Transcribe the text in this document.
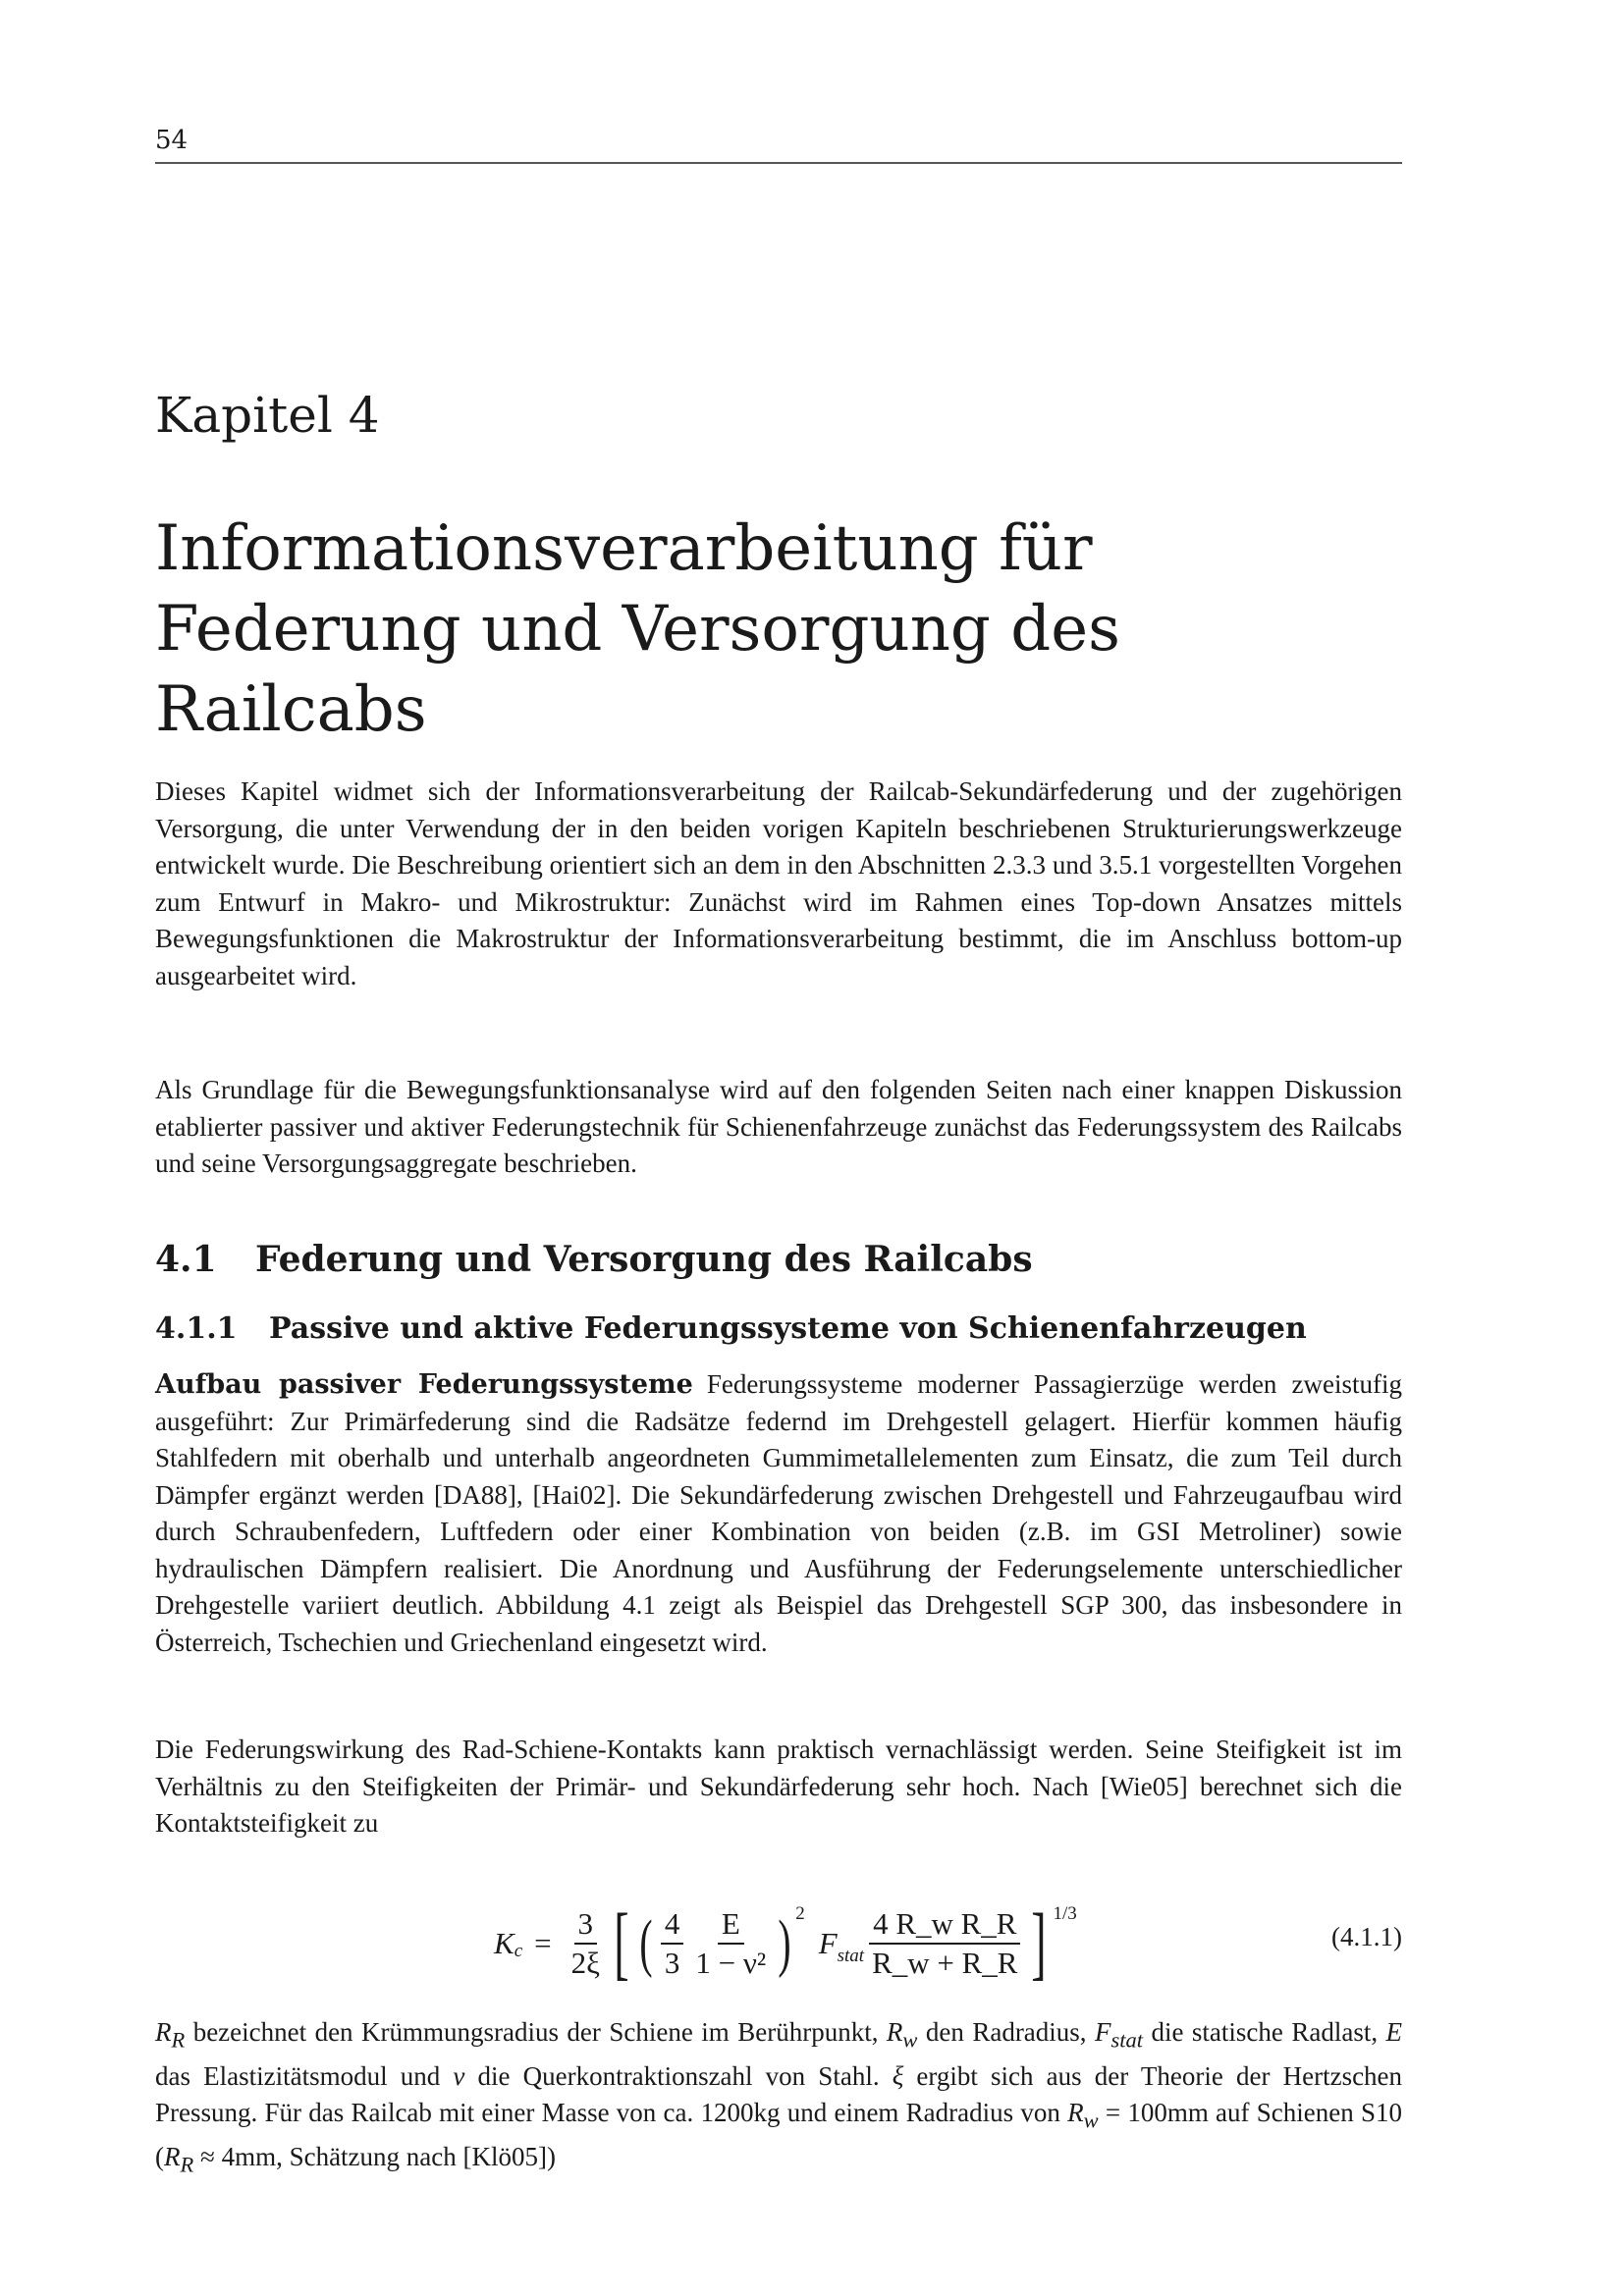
54
Kapitel 4
Informationsverarbeitung für Federung und Versorgung des Railcabs

Dieses Kapitel widmet sich der Informationsverarbeitung der Railcab-Sekundärfederung und der zugehörigen Versorgung, die unter Verwendung der in den beiden vorigen Kapiteln beschriebenen Strukturierungswerkzeuge entwickelt wurde. Die Beschreibung orientiert sich an dem in den Abschnitten 2.3.3 und 3.5.1 vorgestellten Vorgehen zum Entwurf in Makro- und Mikrostruktur: Zunächst wird im Rahmen eines Top-down Ansatzes mittels Bewegungsfunktionen die Makrostruktur der Informationsverarbeitung bestimmt, die im Anschluss bottom-up ausgearbeitet wird.

Als Grundlage für die Bewegungsfunktionsanalyse wird auf den folgenden Seiten nach einer knappen Diskussion etablierter passiver und aktiver Federungstechnik für Schienenfahrzeuge zunächst das Federungssystem des Railcabs und seine Versorgungsaggregate beschrieben.

4.1 Federung und Versorgung des Railcabs
4.1.1 Passive und aktive Federungssysteme von Schienenfahrzeugen

Aufbau passiver Federungssysteme Federungssysteme moderner Passagierzüge werden zweistufig ausgeführt: Zur Primärfederung sind die Radsätze federnd im Drehgestell gelagert. Hierfür kommen häufig Stahlfedern mit oberhalb und unterhalb angeordneten Gummimetallelementen zum Einsatz, die zum Teil durch Dämpfer ergänzt werden [DA88], [Hai02]. Die Sekundärfederung zwischen Drehgestell und Fahrzeugaufbau wird durch Schraubenfedern, Luftfedern oder einer Kombination von beiden (z.B. im GSI Metroliner) sowie hydraulischen Dämpfern realisiert. Die Anordnung und Ausführung der Federungselemente unterschiedlicher Drehgestelle variiert deutlich. Abbildung 4.1 zeigt als Beispiel das Drehgestell SGP 300, das insbesondere in Österreich, Tschechien und Griechenland eingesetzt wird.

Die Federungswirkung des Rad-Schiene-Kontakts kann praktisch vernachlässigt werden. Seine Steifigkeit ist im Verhältnis zu den Steifigkeiten der Primär- und Sekundärfederung sehr hoch. Nach [Wie05] berechnet sich die Kontaktsteifigkeit zu

K $c = \frac{3}{2\xi}$ [ ( $\frac{4}{3} \frac{E}{\text{1 − ν²}}$ ) 2
$F_{stat} \frac{\text{4 R\_w R\_R}}{R\_w + R\_R}$ ] 1/3
(4.1.1)

$R_R$ bezeichnet den Krümmungsradius der Schiene im Berührpunkt, $R_w$ den Radradius, $F_{stat}$ die statische Radlast, E das Elastizitätsmodul und ν die Querkontraktionszahl von Stahl. ξ ergibt sich aus der Theorie der Hertzschen Pressung. Für das Railcab mit einer Masse von ca. 1200kg und einem Radradius von $R_w = 100mm$ auf Schienen S10 ($R_R \approx 4mm$, Schätzung nach [Klö05])
